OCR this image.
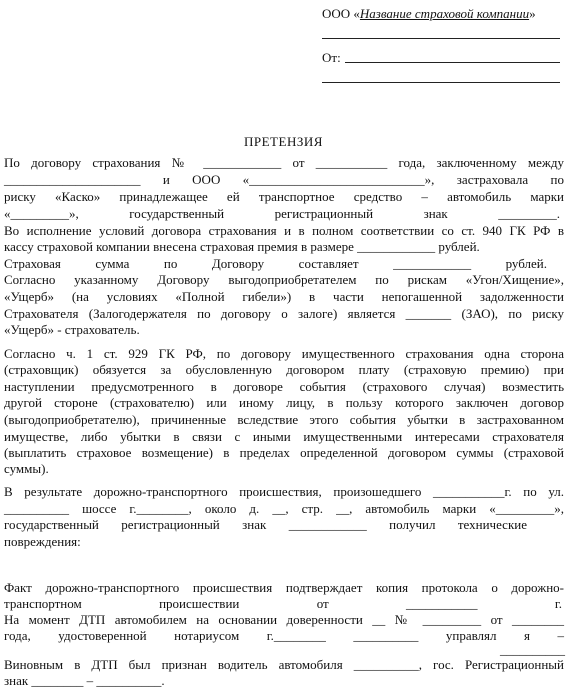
ООО «Название страховой компании»
От:
ПРЕТЕНЗИЯ
По договору страхования № ____________ от ___________ года, заключенному между
_____________________ и ООО «___________________________», застраховала по
риску «Каско» принадлежащее ей транспортное средство – автомобиль марки
«_________», государственный регистрационный знак _________.
Во исполнение условий договора страхования и в полном соответствии со ст. 940 ГК РФ в
кассу страховой компании внесена страховая премия в размере ____________ рублей.
Страховая сумма по Договору составляет ____________ рублей.
Согласно указанному Договору выгодоприобретателем по рискам «Угон/Хищение»,
«Ущерб» (на условиях «Полной гибели») в части непогашенной задолженности
Страхователя (Залогодержателя по договору о залоге) является _______ (ЗАО), по риску
«Ущерб» - страхователь.
Согласно ч. 1 ст. 929 ГК РФ, по договору имущественного страхования одна сторона
(страховщик) обязуется за обусловленную договором плату (страховую премию) при
наступлении предусмотренного в договоре события (страхового случая) возместить
другой стороне (страхователю) или иному лицу, в пользу которого заключен договор
(выгодоприобретателю), причиненные вследствие этого события убытки в застрахованном
имуществе, либо убытки в связи с иными имущественными интересами страхователя
(выплатить страховое возмещение) в пределах определенной договором суммы (страховой
суммы).
В результате дорожно-транспортного происшествия, произошедшего ___________г. по ул.
__________ шоссе г.________, около д. __, стр. __, автомобиль марки «_________»,
государственный регистрационный знак ____________ получил технические
повреждения:
Факт дорожно-транспортного происшествия подтверждает копия протокола о дорожно-
транспортном происшествии от ___________ г.
На момент ДТП автомобилем на основании доверенности __ № _________ от ________
года, удостоверенной нотариусом г.________ __________ управлял я –
__________
Виновным в ДТП был признан водитель автомобиля __________, гос. Регистрационный
знак ________ – __________.
